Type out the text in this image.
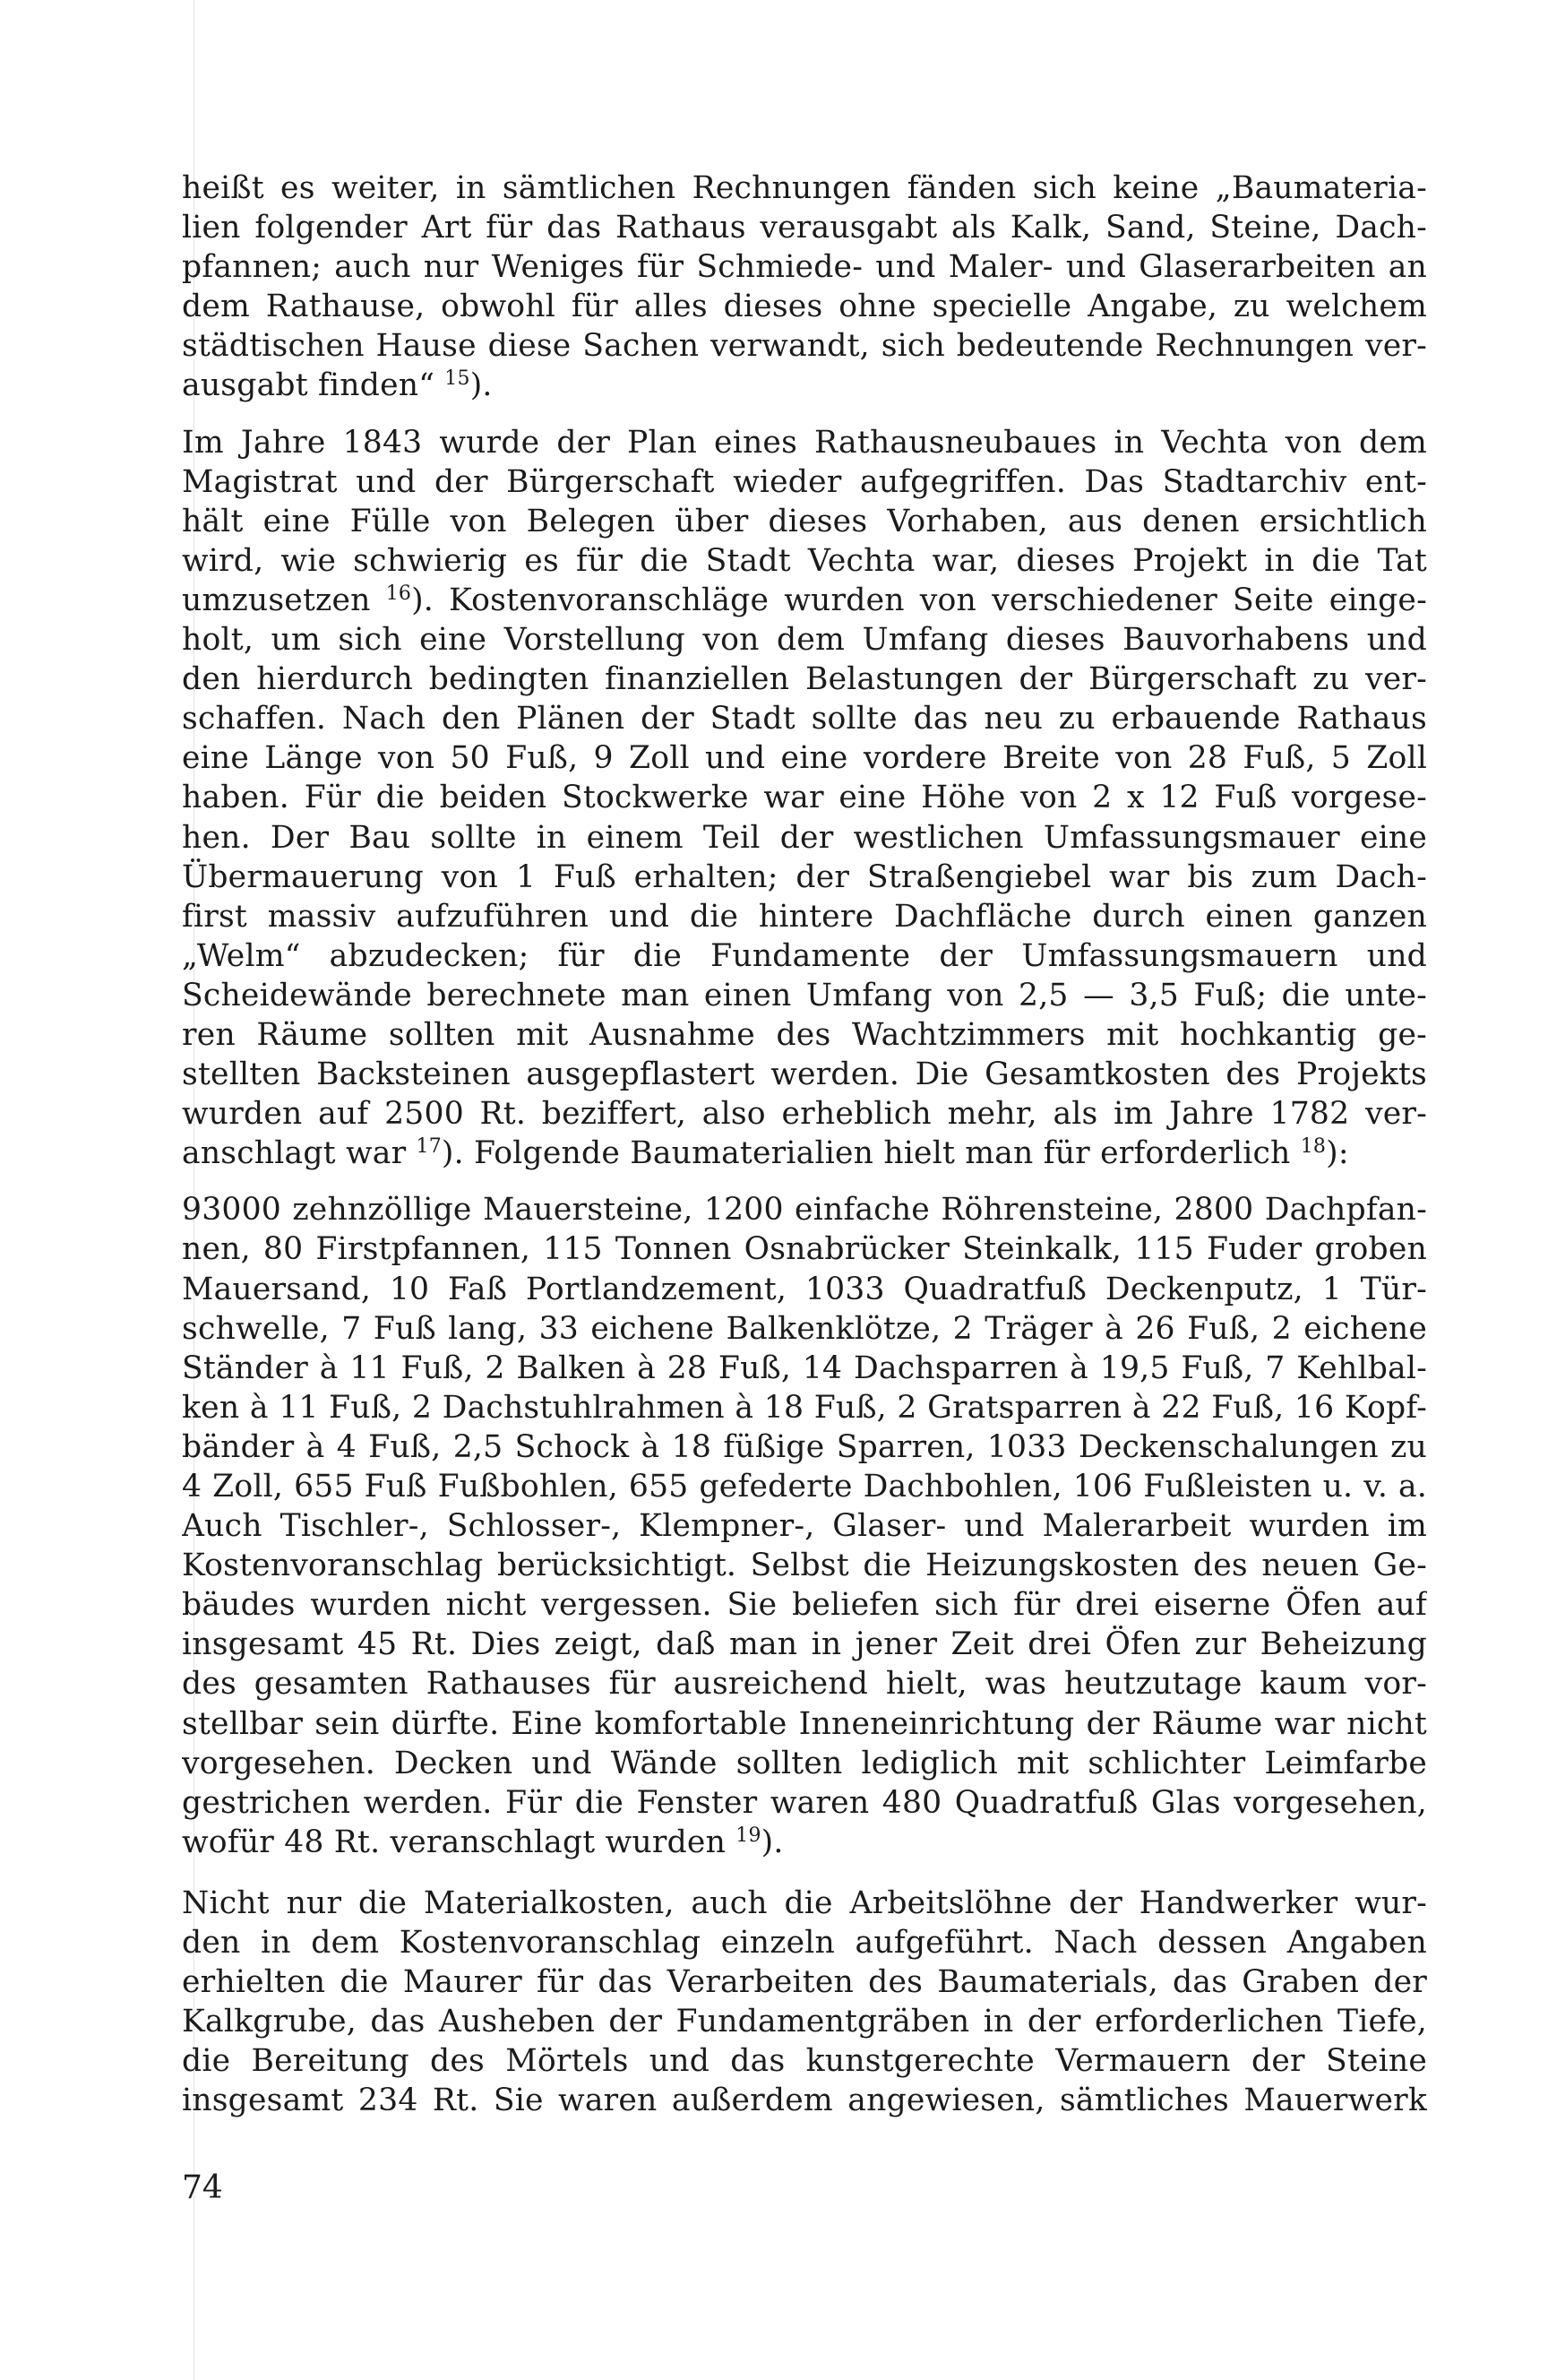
heißt es weiter, in sämtlichen Rechnungen fänden sich keine „Baumateria-
lien folgender Art für das Rathaus verausgabt als Kalk, Sand, Steine, Dach-
pfannen; auch nur Weniges für Schmiede- und Maler- und Glaserarbeiten an
dem Rathause, obwohl für alles dieses ohne specielle Angabe, zu welchem
städtischen Hause diese Sachen verwandt, sich bedeutende Rechnungen ver-
ausgabt finden“ $^{15}$).
Im Jahre 1843 wurde der Plan eines Rathausneubaues in Vechta von dem
Magistrat und der Bürgerschaft wieder aufgegriffen. Das Stadtarchiv ent-
hält eine Fülle von Belegen über dieses Vorhaben, aus denen ersichtlich
wird, wie schwierig es für die Stadt Vechta war, dieses Projekt in die Tat
umzusetzen $^{16}$). Kostenvoranschläge wurden von verschiedener Seite einge-
holt, um sich eine Vorstellung von dem Umfang dieses Bauvorhabens und
den hierdurch bedingten finanziellen Belastungen der Bürgerschaft zu ver-
schaffen. Nach den Plänen der Stadt sollte das neu zu erbauende Rathaus
eine Länge von 50 Fuß, 9 Zoll und eine vordere Breite von 28 Fuß, 5 Zoll
haben. Für die beiden Stockwerke war eine Höhe von 2 x 12 Fuß vorgese-
hen. Der Bau sollte in einem Teil der westlichen Umfassungsmauer eine
Übermauerung von 1 Fuß erhalten; der Straßengiebel war bis zum Dach-
first massiv aufzuführen und die hintere Dachfläche durch einen ganzen
„Welm“ abzudecken; für die Fundamente der Umfassungsmauern und
Scheidewände berechnete man einen Umfang von 2,5 — 3,5 Fuß; die unte-
ren Räume sollten mit Ausnahme des Wachtzimmers mit hochkantig ge-
stellten Backsteinen ausgepflastert werden. Die Gesamtkosten des Projekts
wurden auf 2500 Rt. beziffert, also erheblich mehr, als im Jahre 1782 ver-
anschlagt war $^{17}$). Folgende Baumaterialien hielt man für erforderlich $^{18}$):
93000 zehnzöllige Mauersteine, 1200 einfache Röhrensteine, 2800 Dachpfan-
nen, 80 Firstpfannen, 115 Tonnen Osnabrücker Steinkalk, 115 Fuder groben
Mauersand, 10 Faß Portlandzement, 1033 Quadratfuß Deckenputz, 1 Tür-
schwelle, 7 Fuß lang, 33 eichene Balkenklötze, 2 Träger à 26 Fuß, 2 eichene
Ständer à 11 Fuß, 2 Balken à 28 Fuß, 14 Dachsparren à 19,5 Fuß, 7 Kehlbal-
ken à 11 Fuß, 2 Dachstuhlrahmen à 18 Fuß, 2 Gratsparren à 22 Fuß, 16 Kopf-
bänder à 4 Fuß, 2,5 Schock à 18 füßige Sparren, 1033 Deckenschalungen zu
4 Zoll, 655 Fuß Fußbohlen, 655 gefederte Dachbohlen, 106 Fußleisten u. v. a.
Auch Tischler-, Schlosser-, Klempner-, Glaser- und Malerarbeit wurden im
Kostenvoranschlag berücksichtigt. Selbst die Heizungskosten des neuen Ge-
bäudes wurden nicht vergessen. Sie beliefen sich für drei eiserne Öfen auf
insgesamt 45 Rt. Dies zeigt, daß man in jener Zeit drei Öfen zur Beheizung
des gesamten Rathauses für ausreichend hielt, was heutzutage kaum vor-
stellbar sein dürfte. Eine komfortable Inneneinrichtung der Räume war nicht
vorgesehen. Decken und Wände sollten lediglich mit schlichter Leimfarbe
gestrichen werden. Für die Fenster waren 480 Quadratfuß Glas vorgesehen,
wofür 48 Rt. veranschlagt wurden $^{19}$).
Nicht nur die Materialkosten, auch die Arbeitslöhne der Handwerker wur-
den in dem Kostenvoranschlag einzeln aufgeführt. Nach dessen Angaben
erhielten die Maurer für das Verarbeiten des Baumaterials, das Graben der
Kalkgrube, das Ausheben der Fundamentgräben in der erforderlichen Tiefe,
die Bereitung des Mörtels und das kunstgerechte Vermauern der Steine
insgesamt 234 Rt. Sie waren außerdem angewiesen, sämtliches Mauerwerk
74
